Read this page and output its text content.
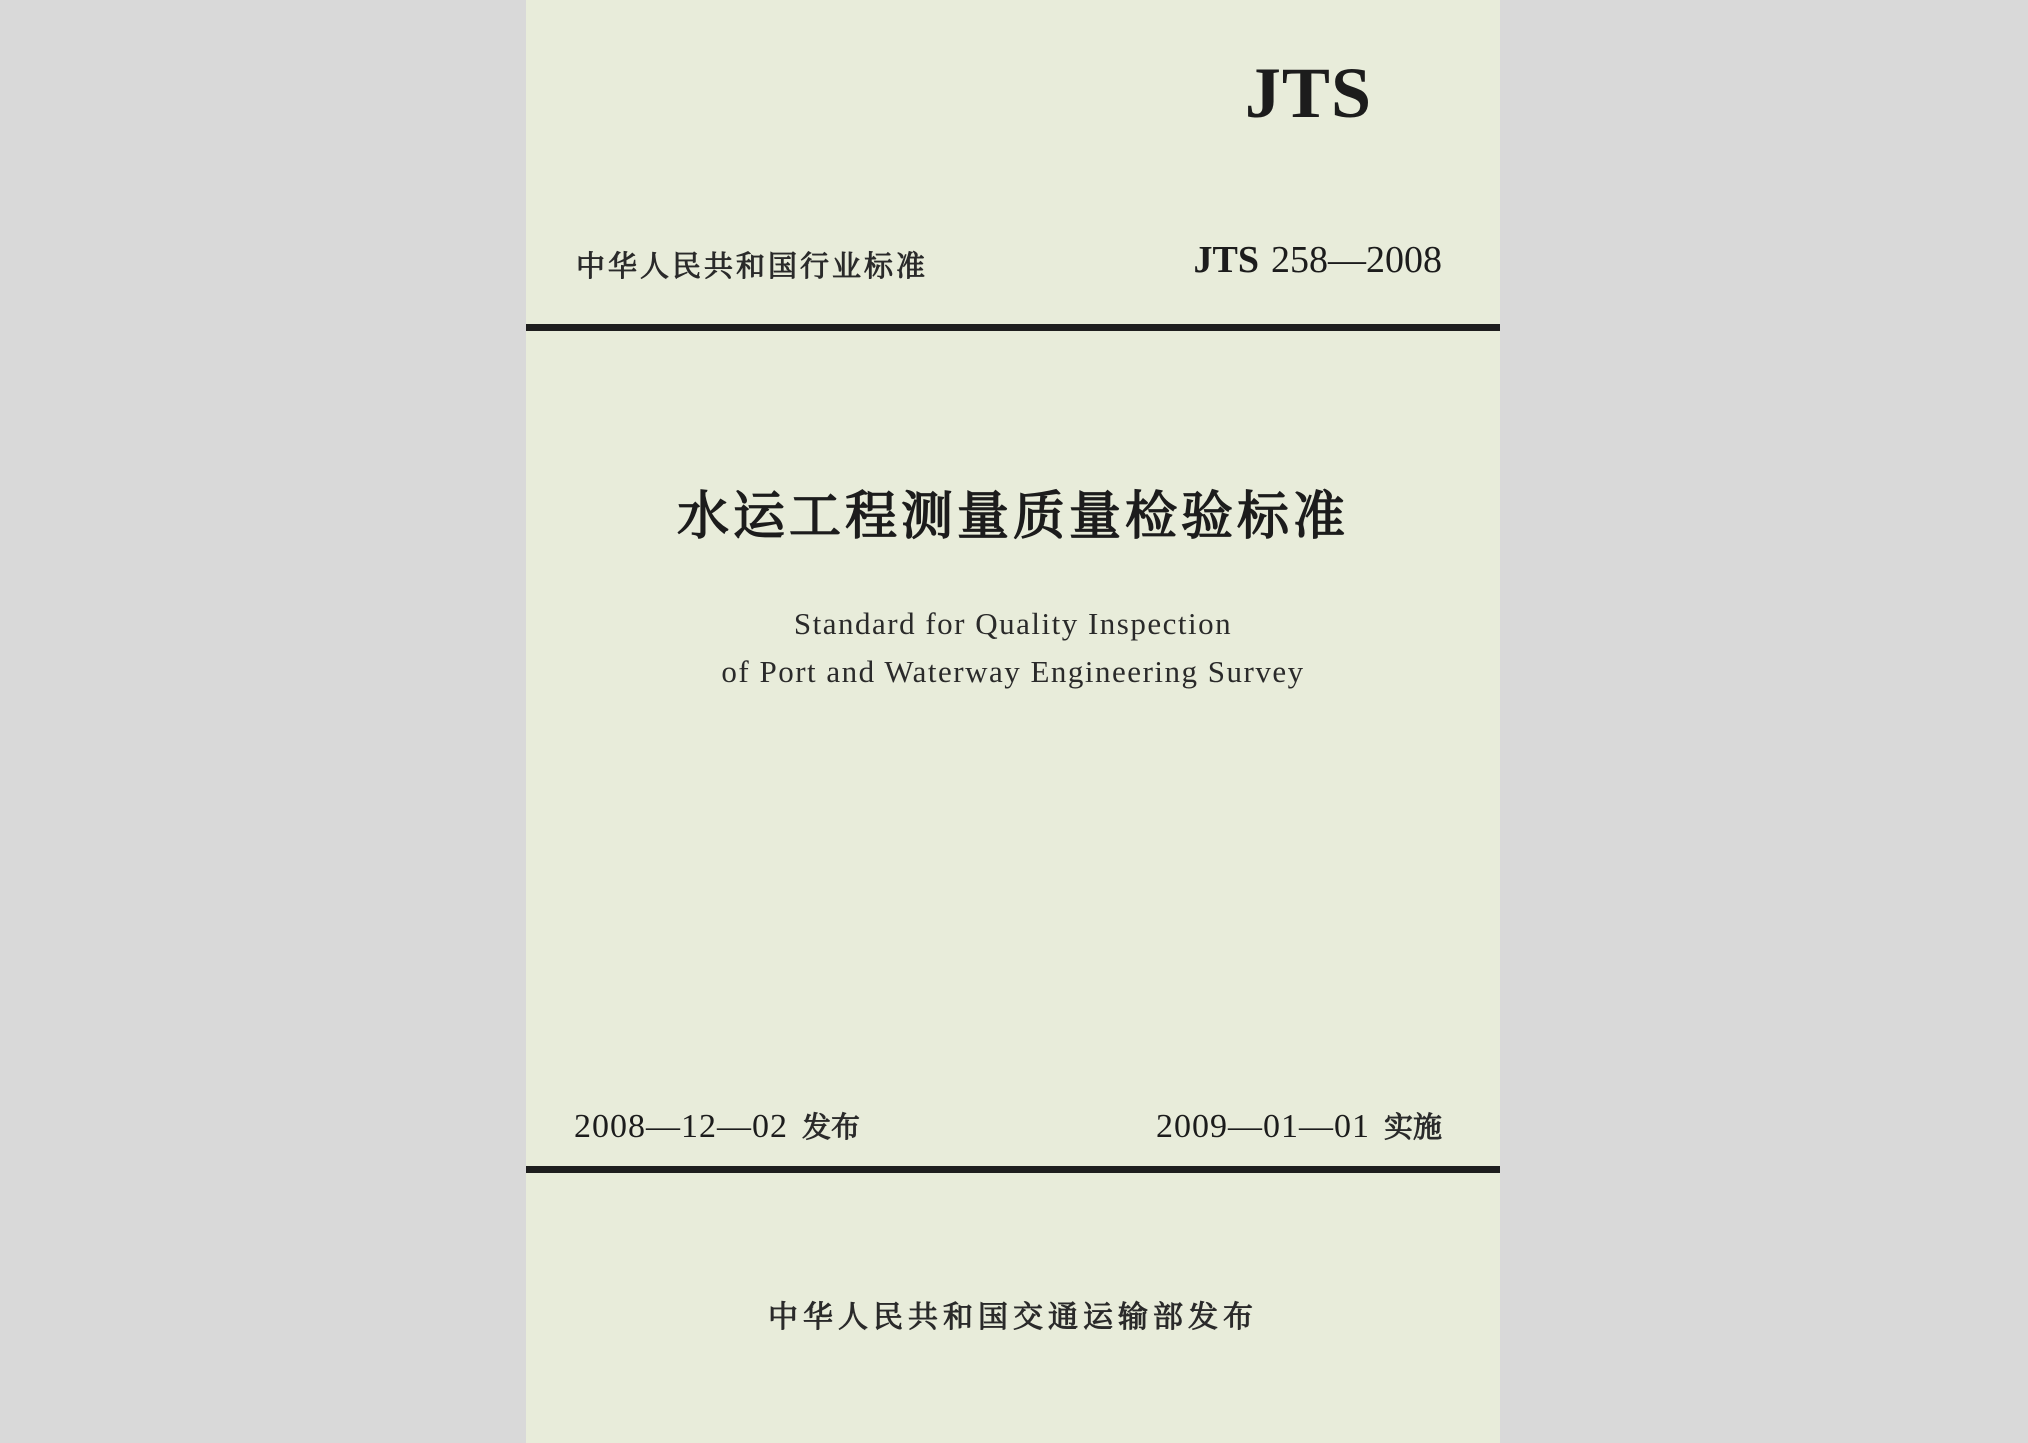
JTS
中华人民共和国行业标准	JTS 258—2008
水运工程测量质量检验标准
Standard for Quality Inspection
of Port and Waterway Engineering Survey
2008—12—02 发布	2009—01—01 实施
中华人民共和国交通运输部发布
